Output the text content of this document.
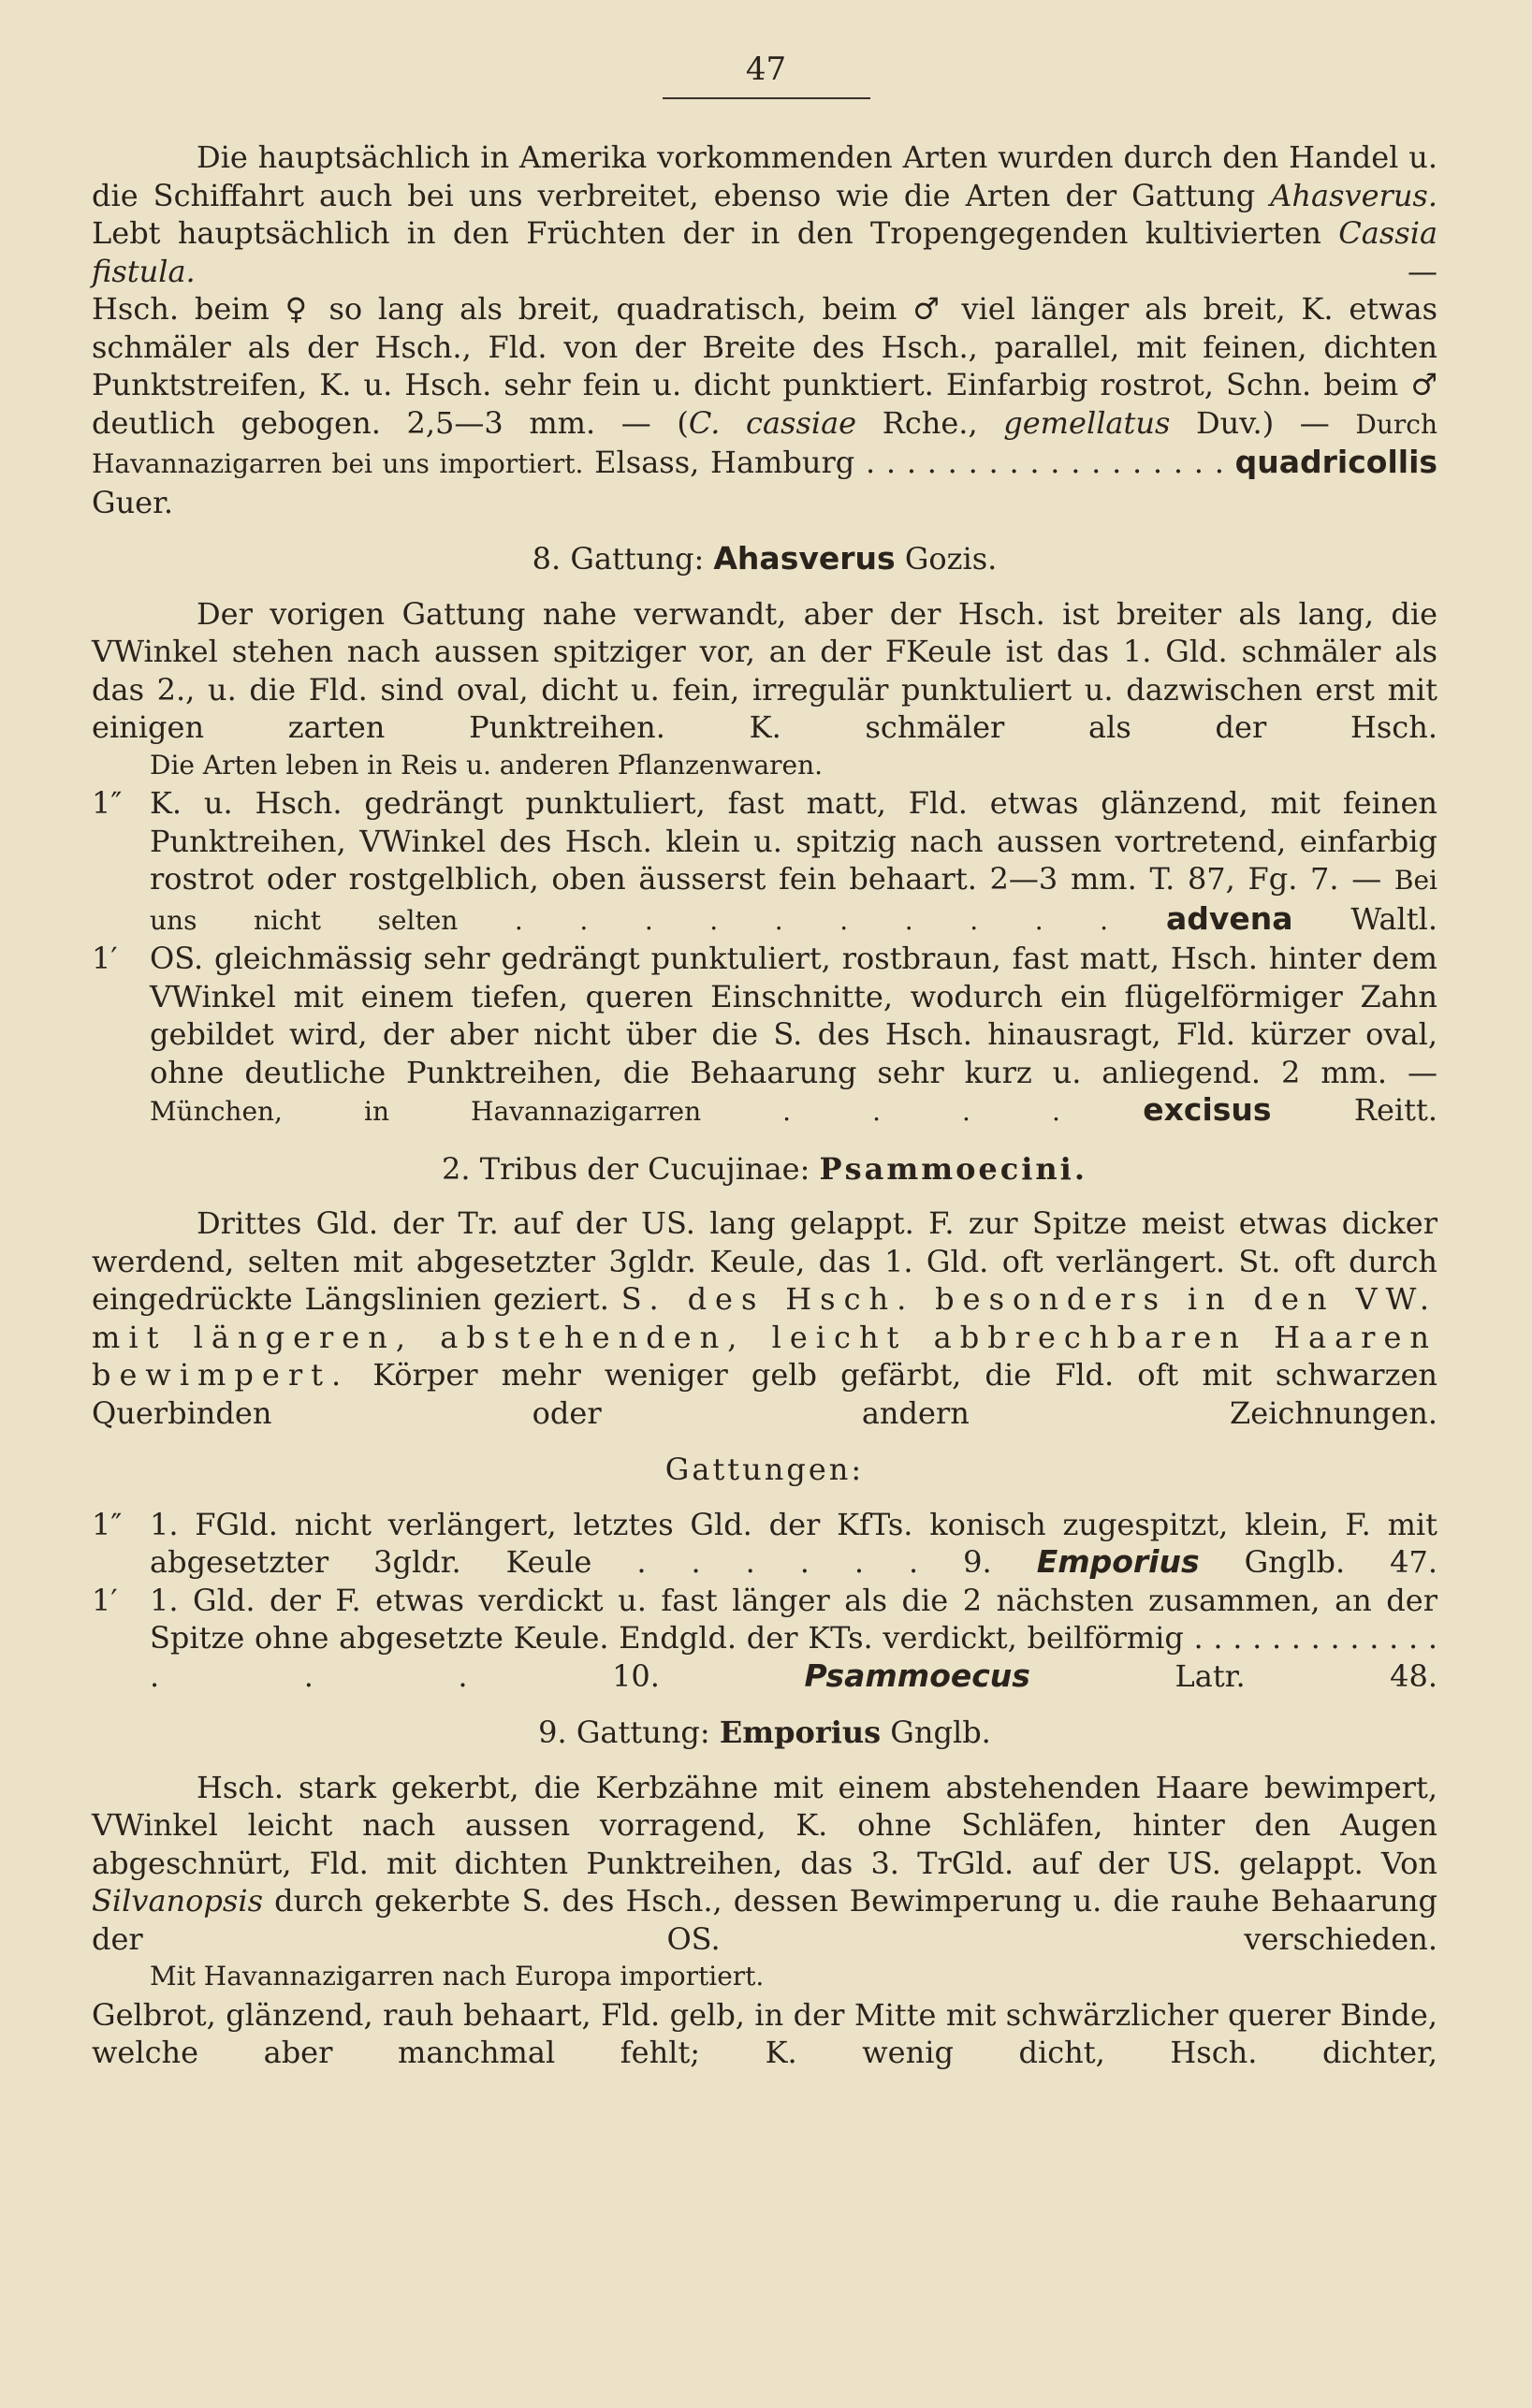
47

Die hauptsächlich in Amerika vorkommenden Arten wurden durch den Handel u. die Schiffahrt auch bei uns verbreitet, ebenso wie die Arten der Gattung Ahasverus. Lebt hauptsächlich in den Früchten der in den Tropengegenden kultivierten Cassia fistula.	—

Hsch. beim ♀ so lang als breit, quadratisch, beim ♂ viel länger als breit, K. etwas schmäler als der Hsch., Fld. von der Breite des Hsch., parallel, mit feinen, dichten Punktstreifen, K. u. Hsch. sehr fein u. dicht punktiert. Einfarbig rostrot, Schn. beim ♂ deutlich gebogen. 2,5—3 mm. — (C. cassiae Rche., gemellatus Duv.) — Durch Havannazigarren bei uns importiert. Elsass, Hamburg . . . . . . . . . . . . . . . . . . quadricollis Guer.

8. Gattung: Ahasverus Gozis.

Der vorigen Gattung nahe verwandt, aber der Hsch. ist breiter als lang, die VWinkel stehen nach aussen spitziger vor, an der FKeule ist das 1. Gld. schmäler als das 2., u. die Fld. sind oval, dicht u. fein, irregulär punktuliert u. dazwischen erst mit einigen zarten Punktreihen. K. schmäler als der Hsch.

Die Arten leben in Reis u. anderen Pflanzenwaren.

1″ K. u. Hsch. gedrängt punktuliert, fast matt, Fld. etwas glänzend, mit feinen Punktreihen, VWinkel des Hsch. klein u. spitzig nach aussen vortretend, einfarbig rostrot oder rostgelblich, oben äusserst fein behaart. 2—3 mm. T. 87, Fg. 7. — Bei uns nicht selten . . . . . . . . . . advena Waltl.
1′ OS. gleichmässig sehr gedrängt punktuliert, rostbraun, fast matt, Hsch. hinter dem VWinkel mit einem tiefen, queren Einschnitte, wodurch ein flügelförmiger Zahn gebildet wird, der aber nicht über die S. des Hsch. hinausragt, Fld. kürzer oval, ohne deutliche Punktreihen, die Behaarung sehr kurz u. anliegend. 2 mm. — München, in Havannazigarren . . . .	excisus	Reitt.

2. Tribus der Cucujinae: Psammoecini.

Drittes Gld. der Tr. auf der US. lang gelappt. F. zur Spitze meist etwas dicker werdend, selten mit abgesetzter 3gldr. Keule, das 1. Gld. oft verlängert. St. oft durch eingedrückte Längslinien geziert. S. des Hsch. besonders in den VW. mit längeren, abstehenden, leicht abbrechbaren Haaren bewimpert. Körper mehr weniger gelb gefärbt, die Fld. oft mit schwarzen Querbinden oder andern Zeichnungen.

Gattungen:

1″ 1. FGld. nicht verlängert, letztes Gld. der KfTs. konisch zugespitzt, klein, F. mit abgesetzter 3gldr. Keule . . . . . . 9. Emporius Gnglb. 47.
1′ 1. Gld. der F. etwas verdickt u. fast länger als die 2 nächsten zusammen, an der Spitze ohne abgesetzte Keule. Endgld. der KTs. verdickt, beilförmig . . . . . . . . . . . . . . . . 10.	Psammoecus	Latr. 48.

9. Gattung: Emporius Gnglb.

Hsch. stark gekerbt, die Kerbzähne mit einem abstehenden Haare bewimpert, VWinkel leicht nach aussen vorragend, K. ohne Schläfen, hinter den Augen abgeschnürt, Fld. mit dichten Punktreihen, das 3. TrGld. auf der US. gelappt. Von Silvanopsis durch gekerbte S. des Hsch., dessen Bewimperung u. die rauhe Behaarung der OS. verschieden.

Mit Havannazigarren nach Europa importiert.

Gelbrot, glänzend, rauh behaart, Fld. gelb, in der Mitte mit schwärzlicher querer Binde, welche aber manchmal fehlt; K. wenig dicht, Hsch. dichter,
